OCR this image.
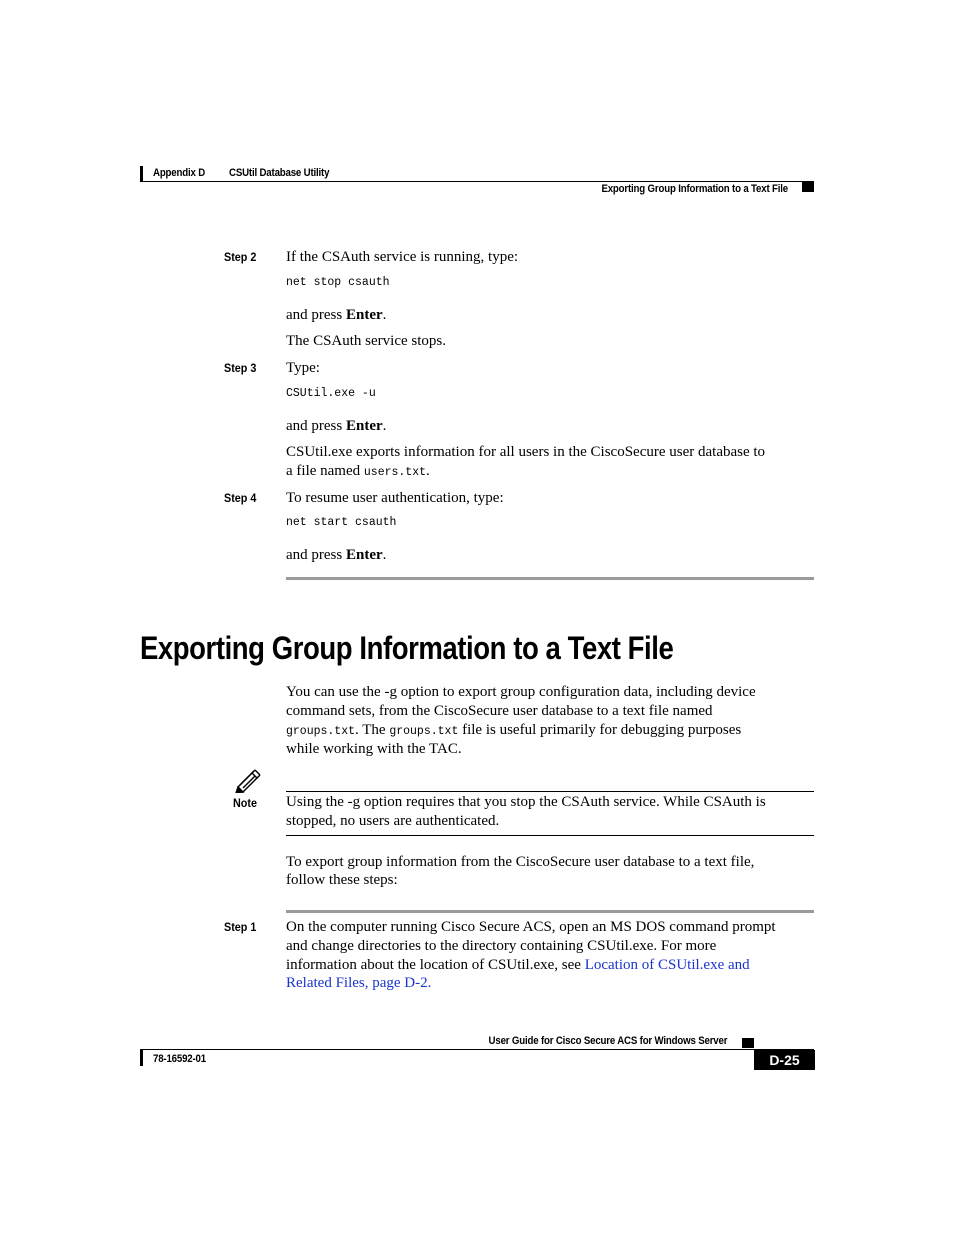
Appendix D CSUtil Database Utility
Exporting Group Information to a Text File
Step 2 If the CSAuth service is running, type:
net stop csauth
and press Enter.
The CSAuth service stops.
Step 3 Type:
CSUtil.exe -u
and press Enter.
CSUtil.exe exports information for all users in the CiscoSecure user database to
a file named users.txt.
Step 4 To resume user authentication, type:
net start csauth
and press Enter.
Exporting Group Information to a Text File
You can use the -g option to export group configuration data, including device
command sets, from the CiscoSecure user database to a text file named
groups.txt. The groups.txt file is useful primarily for debugging purposes
while working with the TAC.
Note Using the -g option requires that you stop the CSAuth service. While CSAuth is
stopped, no users are authenticated.
To export group information from the CiscoSecure user database to a text file,
follow these steps:
Step 1 On the computer running Cisco Secure ACS, open an MS DOS command prompt
and change directories to the directory containing CSUtil.exe. For more
information about the location of CSUtil.exe, see Location of CSUtil.exe and
Related Files, page D-2.
User Guide for Cisco Secure ACS for Windows Server
78-16592-01	D-25
